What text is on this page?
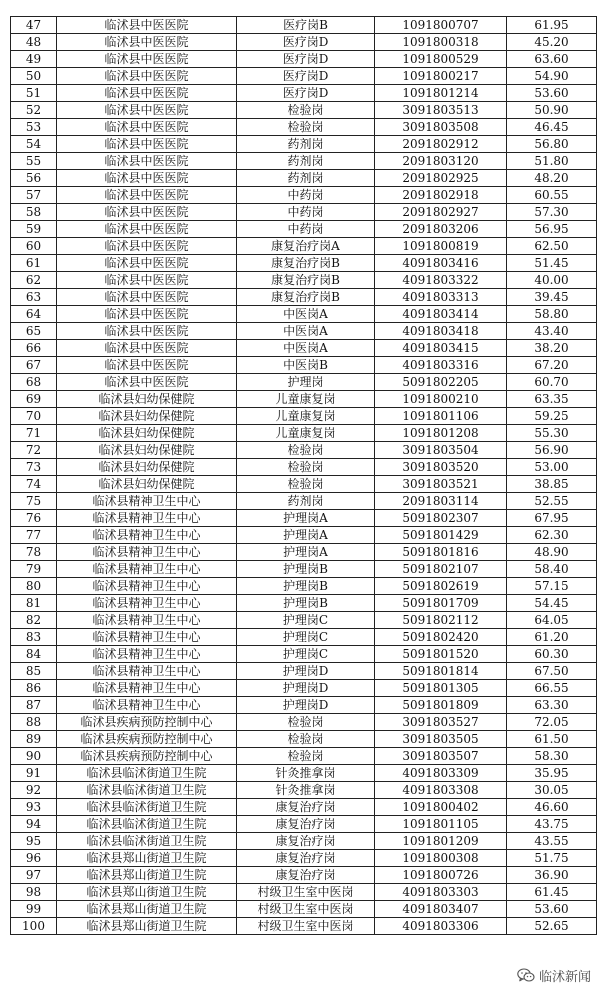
47	临沭县中医医院	医疗岗B	1091800707	61.95
48	临沭县中医医院	医疗岗D	1091800318	45.20
49	临沭县中医医院	医疗岗D	1091800529	63.60
50	临沭县中医医院	医疗岗D	1091800217	54.90
51	临沭县中医医院	医疗岗D	1091801214	53.60
52	临沭县中医医院	检验岗	3091803513	50.90
53	临沭县中医医院	检验岗	3091803508	46.45
54	临沭县中医医院	药剂岗	2091802912	56.80
55	临沭县中医医院	药剂岗	2091803120	51.80
56	临沭县中医医院	药剂岗	2091802925	48.20
57	临沭县中医医院	中药岗	2091802918	60.55
58	临沭县中医医院	中药岗	2091802927	57.30
59	临沭县中医医院	中药岗	2091803206	56.95
60	临沭县中医医院	康复治疗岗A	1091800819	62.50
61	临沭县中医医院	康复治疗岗B	4091803416	51.45
62	临沭县中医医院	康复治疗岗B	4091803322	40.00
63	临沭县中医医院	康复治疗岗B	4091803313	39.45
64	临沭县中医医院	中医岗A	4091803414	58.80
65	临沭县中医医院	中医岗A	4091803418	43.40
66	临沭县中医医院	中医岗A	4091803415	38.20
67	临沭县中医医院	中医岗B	4091803316	67.20
68	临沭县中医医院	护理岗	5091802205	60.70
69	临沭县妇幼保健院	儿童康复岗	1091800210	63.35
70	临沭县妇幼保健院	儿童康复岗	1091801106	59.25
71	临沭县妇幼保健院	儿童康复岗	1091801208	55.30
72	临沭县妇幼保健院	检验岗	3091803504	56.90
73	临沭县妇幼保健院	检验岗	3091803520	53.00
74	临沭县妇幼保健院	检验岗	3091803521	38.85
75	临沭县精神卫生中心	药剂岗	2091803114	52.55
76	临沭县精神卫生中心	护理岗A	5091802307	67.95
77	临沭县精神卫生中心	护理岗A	5091801429	62.30
78	临沭县精神卫生中心	护理岗A	5091801816	48.90
79	临沭县精神卫生中心	护理岗B	5091802107	58.40
80	临沭县精神卫生中心	护理岗B	5091802619	57.15
81	临沭县精神卫生中心	护理岗B	5091801709	54.45
82	临沭县精神卫生中心	护理岗C	5091802112	64.05
83	临沭县精神卫生中心	护理岗C	5091802420	61.20
84	临沭县精神卫生中心	护理岗C	5091801520	60.30
85	临沭县精神卫生中心	护理岗D	5091801814	67.50
86	临沭县精神卫生中心	护理岗D	5091801305	66.55
87	临沭县精神卫生中心	护理岗D	5091801809	63.30
88	临沭县疾病预防控制中心	检验岗	3091803527	72.05
89	临沭县疾病预防控制中心	检验岗	3091803505	61.50
90	临沭县疾病预防控制中心	检验岗	3091803507	58.30
91	临沭县临沭街道卫生院	针灸推拿岗	4091803309	35.95
92	临沭县临沭街道卫生院	针灸推拿岗	4091803308	30.05
93	临沭县临沭街道卫生院	康复治疗岗	1091800402	46.60
94	临沭县临沭街道卫生院	康复治疗岗	1091801105	43.75
95	临沭县临沭街道卫生院	康复治疗岗	1091801209	43.55
96	临沭县郑山街道卫生院	康复治疗岗	1091800308	51.75
97	临沭县郑山街道卫生院	康复治疗岗	1091800726	36.90
98	临沭县郑山街道卫生院	村级卫生室中医岗	4091803303	61.45
99	临沭县郑山街道卫生院	村级卫生室中医岗	4091803407	53.60
100	临沭县郑山街道卫生院	村级卫生室中医岗	4091803306	52.65
临沭新闻
